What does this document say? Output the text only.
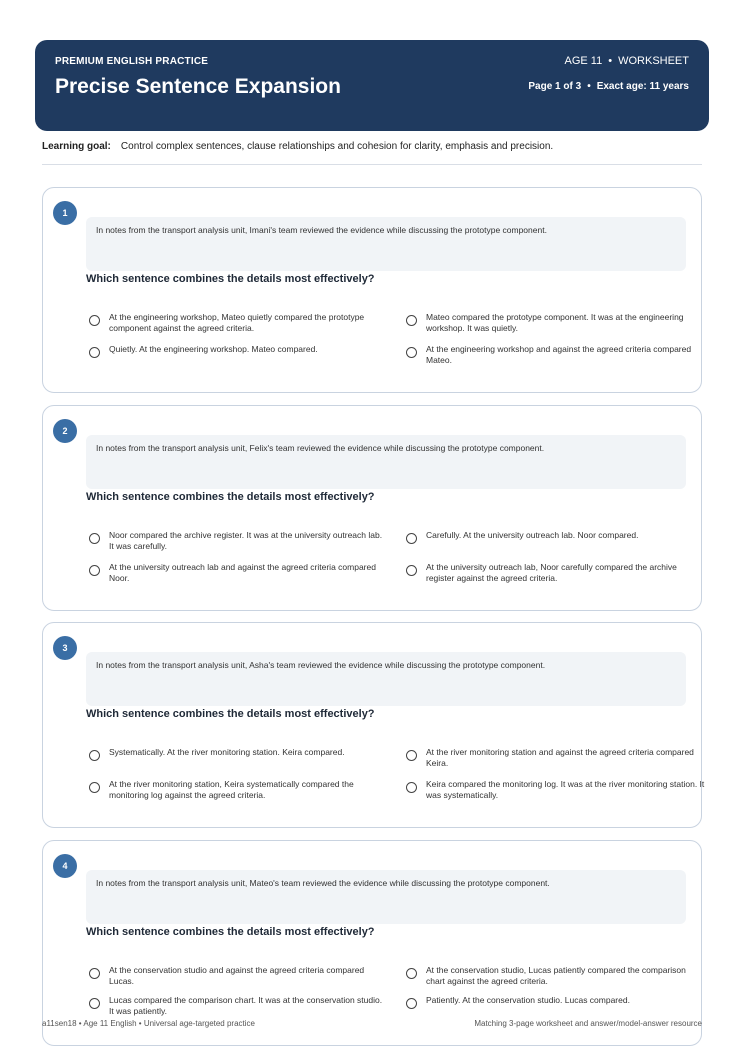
PREMIUM ENGLISH PRACTICE
Precise Sentence Expansion
AGE 11 • WORKSHEET
Page 1 of 3 • Exact age: 11 years
Learning goal: Control complex sentences, clause relationships and cohesion for clarity, emphasis and precision.
1
In notes from the transport analysis unit, Imani's team reviewed the evidence while discussing the prototype component.
Which sentence combines the details most effectively?
At the engineering workshop, Mateo quietly compared the prototype component against the agreed criteria.
Mateo compared the prototype component. It was at the engineering workshop. It was quietly.
Quietly. At the engineering workshop. Mateo compared.	At the engineering workshop and against the agreed criteria compared Mateo.
2
In notes from the transport analysis unit, Felix's team reviewed the evidence while discussing the prototype component.
Which sentence combines the details most effectively?
Noor compared the archive register. It was at the university outreach lab. It was carefully.
Carefully. At the university outreach lab. Noor compared.
At the university outreach lab and against the agreed criteria compared Noor.
At the university outreach lab, Noor carefully compared the archive register against the agreed criteria.
3
In notes from the transport analysis unit, Asha's team reviewed the evidence while discussing the prototype component.
Which sentence combines the details most effectively?
Systematically. At the river monitoring station. Keira compared.	At the river monitoring station and against the agreed criteria compared Keira.
At the river monitoring station, Keira systematically compared the monitoring log against the agreed criteria.
Keira compared the monitoring log. It was at the river monitoring station. It was systematically.
4
In notes from the transport analysis unit, Mateo's team reviewed the evidence while discussing the prototype component.
Which sentence combines the details most effectively?
At the conservation studio and against the agreed criteria compared Lucas.
At the conservation studio, Lucas patiently compared the comparison chart against the agreed criteria.
Lucas compared the comparison chart. It was at the conservation studio. It was patiently.
Patiently. At the conservation studio. Lucas compared.
a11sen18 • Age 11 English • Universal age-targeted practice	Matching 3-page worksheet and answer/model-answer resource
